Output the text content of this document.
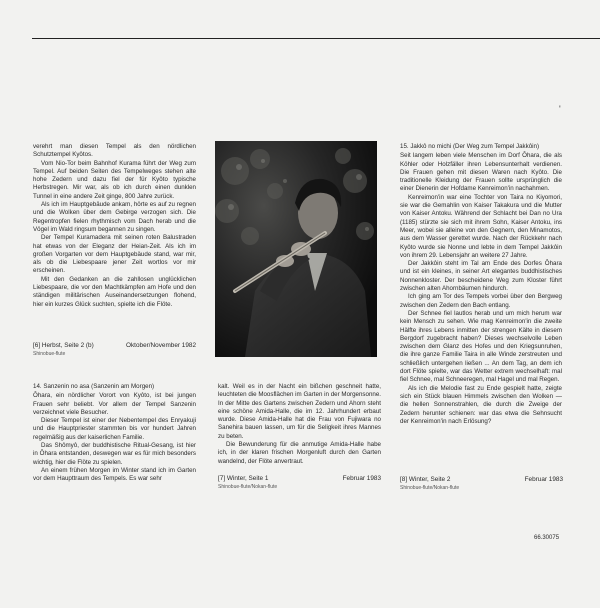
'

verehrt man diesen Tempel als den nördlichen Schutztempel Kyôtos.

Vom Nio-Tor beim Bahnhof Kurama führt der Weg zum Tempel. Auf beiden Seiten des Tempelweges stehen alte hohe Zedern und dazu fiel der für Kyôto typische Herbstregen. Mir war, als ob ich durch einen dunklen Tunnel in eine andere Zeit ginge, 800 Jahre zurück.

Als ich im Hauptgebäude ankam, hörte es auf zu regnen und die Wolken über dem Gebirge verzogen sich. Die Regentropfen fielen rhythmisch vom Dach herab und die Vögel im Wald ringsum begannen zu singen.

Der Tempel Kuramadera mit seinen roten Balustraden hat etwas von der Eleganz der Heian-Zeit. Als ich im großen Vorgarten vor dem Hauptgebäude stand, war mir, als ob die Liebespaare jener Zeit wortlos vor mir erscheinen.

Mit den Gedanken an die zahllosen unglücklichen Liebespaare, die vor den Machtkämpfen am Hofe und den ständigen militärischen Auseinandersetzungen flohend, hier ein kurzes Glück suchten, spielte ich die Flöte.

[6] Herbst, Seite 2 (b)	Oktober/November 1982
Shinobue-flute

14. Sanzenin no asa (Sanzenin am Morgen)

Ōhara, ein nördlicher Vorort von Kyôto, ist bei jungen Frauen sehr beliebt. Vor allem der Tempel Sanzenin verzeichnet viele Besucher.

Dieser Tempel ist einer der Nebentempel des Enryakuji und die Hauptpriester stammten bis vor hundert Jahren regelmäßig aus der kaiserlichen Familie.

Das Shômyô, der buddhistische Ritual-Gesang, ist hier in Ōhara entstanden, deswegen war es für mich besonders wichtig, hier die Flöte zu spielen.

An einem frühen Morgen im Winter stand ich im Garten vor dem Haupttraum des Tempels. Es war sehr

kalt. Weil es in der Nacht ein bißchen geschneit hatte, leuchteten die Moosflächen im Garten in der Morgensonne. In der Mitte des Gartens zwischen Zedern und Ahorn steht eine schöne Amida-Halle, die im 12. Jahrhundert erbaut wurde. Diese Amida-Halle hat die Frau von Fujiwara no Sanehira bauen lassen, um für die Seligkeit ihres Mannes zu beten.

Die Bewunderung für die anmutige Amida-Halle habe ich, in der klaren frischen Morgenluft durch den Garten wandelnd, der Flöte anvertraut.

[7] Winter, Seite 1	Februar 1983
Shinobue-flute/Nokan-flute

15. Jakkô no michi (Der Weg zum Tempel Jakkôin)

Seit langem leben viele Menschen im Dorf Ōhara, die als Köhler oder Holzfäller ihren Lebensunterhalt verdienen. Die Frauen gehen mit diesen Waren nach Kyôto. Die traditionelle Kleidung der Frauen sollte ursprünglich die einer Dienerin der Hofdame Kenreimon'in nachahmen.

Kenreimon'in war eine Tochter von Taira no Kiyomori, sie war die Gemahlin von Kaiser Takakura und die Mutter von Kaiser Antoku. Während der Schlacht bei Dan no Ura (1185) stürzte sie sich mit ihrem Sohn, Kaiser Antoku, ins Meer, wobei sie alleine von den Gegnern, den Minamotos, aus dem Wasser gerettet wurde. Nach der Rückkehr nach Kyôto wurde sie Nonne und lebte in dem Tempel Jakkôin von ihrem 29. Lebensjahr an weitere 27 Jahre.

Der Jakkôin steht im Tal am Ende des Dorfes Ōhara und ist ein kleines, in seiner Art elegantes buddhistisches Nonnenkloster. Der bescheidene Weg zum Kloster führt zwischen alten Ahornbäumen hindurch.

Ich ging am Tor des Tempels vorbei über den Bergweg zwischen den Zedern den Bach entlang.

Der Schnee fiel lautlos herab und um mich herum war kein Mensch zu sehen. Wie mag Kenreimon'in die zweite Hälfte ihres Lebens inmitten der strengen Kälte in diesem Bergdorf zugebracht haben? Dieses wechselvolle Leben zwischen dem Glanz des Hofes und den Kriegsunruhen, die ihre ganze Familie Taira in alle Winde zerstreuten und schließlich untergehen ließen ... An dem Tag, an dem ich dort Flöte spielte, war das Wetter extrem wechselhaft: mal fiel Schnee, mal Schneeregen, mal Hagel und mal Regen.

Als ich die Melodie fast zu Ende gespielt hatte, zeigte sich ein Stück blauen Himmels zwischen den Wolken — die hellen Sonnenstrahlen, die durch die Zweige der Zedern herunter schienen: war das etwa die Sehnsucht der Kenreimon'in nach Erlösung?

[8] Winter, Seite 2	Februar 1983
Shinobue-flute/Nokan-flute
66.30075
